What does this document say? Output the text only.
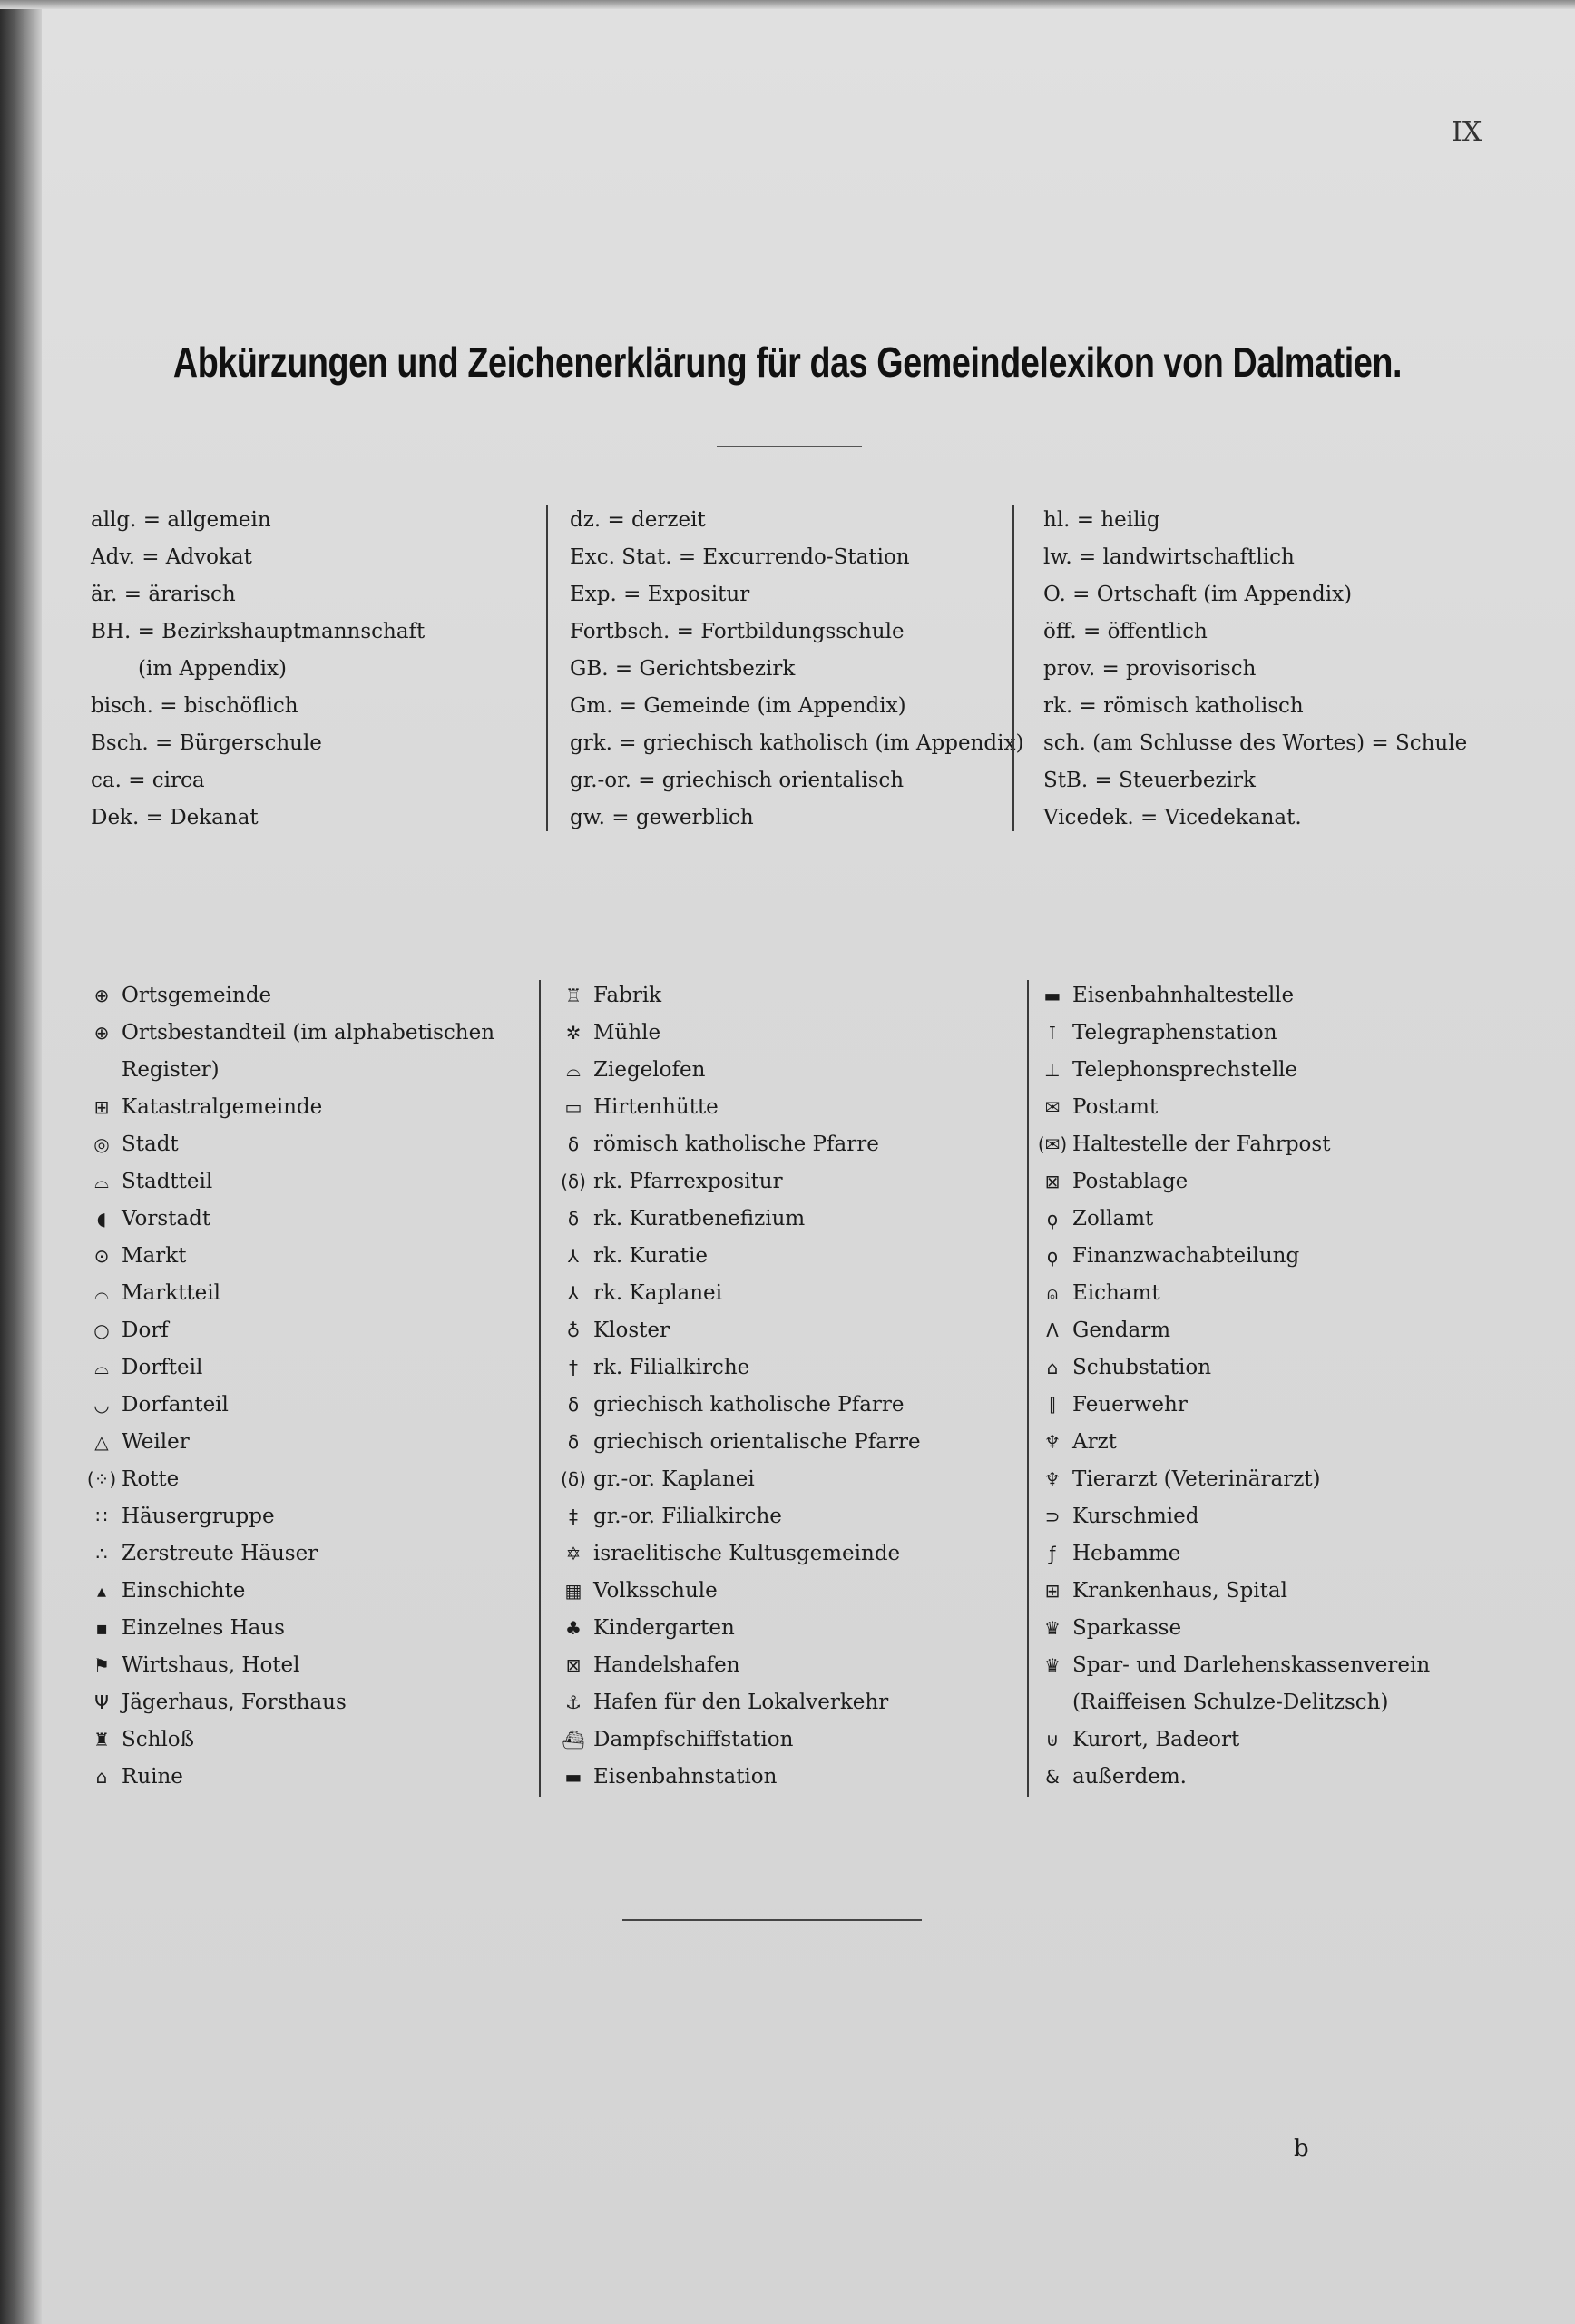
IX
Abkürzungen und Zeichenerklärung für das Gemeindelexikon von Dalmatien.
allg. = allgemein
Adv. = Advokat
är. = ärarisch
BH. = Bezirkshauptmannschaft
(im Appendix)
bisch. = bischöflich
Bsch. = Bürgerschule
ca. = circa
Dek. = Dekanat
dz. = derzeit
Exc. Stat. = Excurrendo-Station
Exp. = Expositur
Fortbsch. = Fortbildungsschule
GB. = Gerichtsbezirk
Gm. = Gemeinde (im Appendix)
grk. = griechisch katholisch (im Appendix)
gr.-or. = griechisch orientalisch
gw. = gewerblich
hl. = heilig
lw. = landwirtschaftlich
O. = Ortschaft (im Appendix)
öff. = öffentlich
prov. = provisorisch
rk. = römisch katholisch
sch. (am Schlusse des Wortes) = Schule
StB. = Steuerbezirk
Vicedek. = Vicedekanat.
⊕ Ortsgemeinde
⊕ Ortsbestandteil (im alphabetischen
Register)
⊞ Katastralgemeinde
◎ Stadt
⌓ Stadtteil
◖ Vorstadt
⊙ Markt
⌓ Marktteil
○ Dorf
⌓ Dorfteil
◡ Dorfanteil
△ Weiler
(⁘) Rotte
∷ Häusergruppe
∴ Zerstreute Häuser
▴ Einschichte
▪ Einzelnes Haus
⚑ Wirtshaus, Hotel
Ψ Jägerhaus, Forsthaus
♜ Schloß
⌂ Ruine
♖ Fabrik
✲ Mühle
⌓ Ziegelofen
▭ Hirtenhütte
δ römisch katholische Pfarre
(δ) rk. Pfarrexpositur
δ rk. Kuratbenefizium
⅄ rk. Kuratie
⅄ rk. Kaplanei
♁ Kloster
† rk. Filialkirche
δ griechisch katholische Pfarre
δ griechisch orientalische Pfarre
(δ) gr.-or. Kaplanei
‡ gr.-or. Filialkirche
✡ israelitische Kultusgemeinde
▦ Volksschule
♣ Kindergarten
⊠ Handelshafen
⚓ Hafen für den Lokalverkehr
⛴ Dampfschiffstation
▬ Eisenbahnstation
▬ Eisenbahnhaltestelle
⊺ Telegraphenstation
⊥ Telephonsprechstelle
✉ Postamt
(✉) Haltestelle der Fahrpost
⊠ Postablage
ϙ Zollamt
ϙ Finanzwachabteilung
⍝ Eichamt
Λ Gendarm
⌂ Schubstation
⫿ Feuerwehr
♆ Arzt
♆ Tierarzt (Veterinärarzt)
⊃ Kurschmied
ƒ Hebamme
⊞ Krankenhaus, Spital
♛ Sparkasse
♛ Spar- und Darlehenskassenverein
(Raiffeisen Schulze-Delitzsch)
⊎ Kurort, Badeort
& außerdem.
b
